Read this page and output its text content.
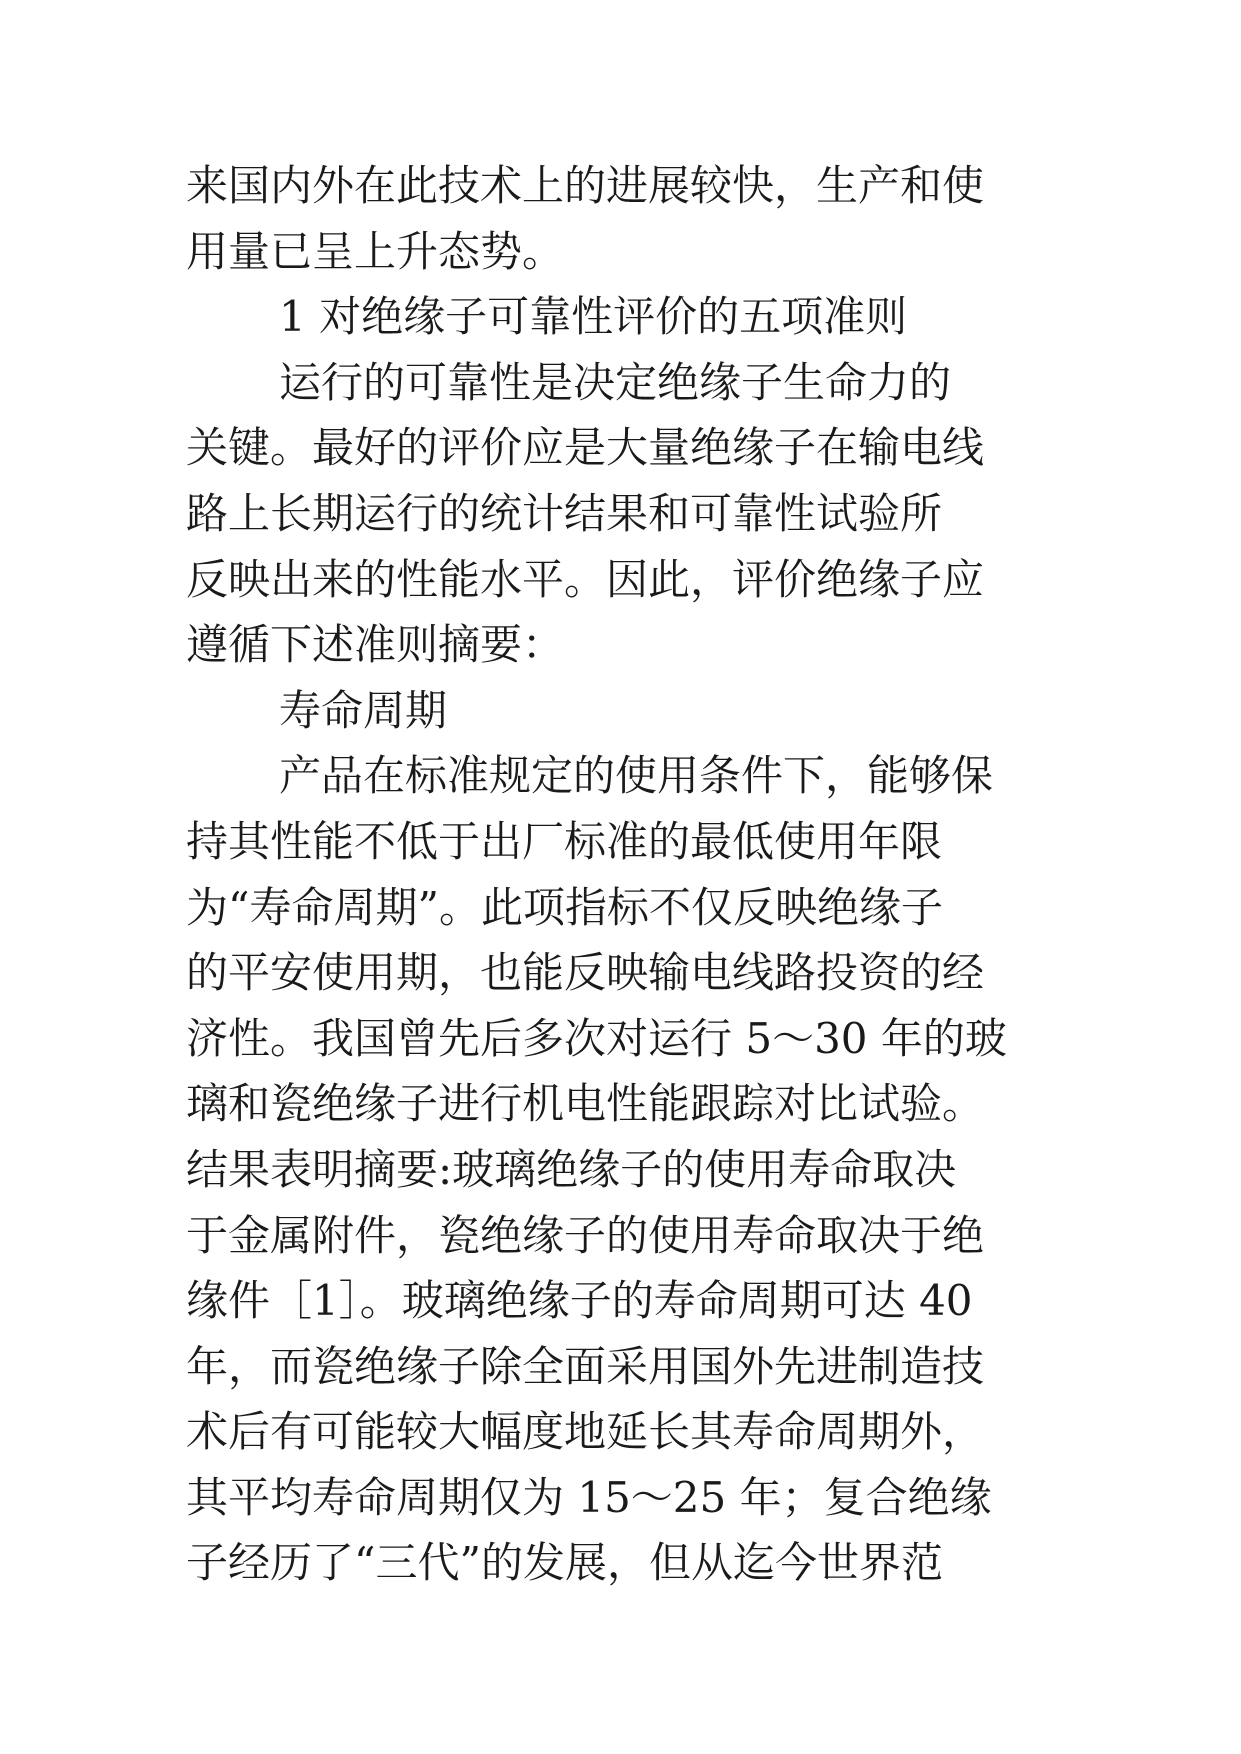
来国内外在此技术上的进展较快，生产和使
用量已呈上升态势。
1 对绝缘子可靠性评价的五项准则
运行的可靠性是决定绝缘子生命力的
关键。最好的评价应是大量绝缘子在输电线
路上长期运行的统计结果和可靠性试验所
反映出来的性能水平。因此，评价绝缘子应
遵循下述准则摘要：
寿命周期
产品在标准规定的使用条件下，能够保
持其性能不低于出厂标准的最低使用年限
为“寿命周期”。此项指标不仅反映绝缘子
的平安使用期，也能反映输电线路投资的经
济性。我国曾先后多次对运行 5～30 年的玻
璃和瓷绝缘子进行机电性能跟踪对比试验。
结果表明摘要:玻璃绝缘子的使用寿命取决
于金属附件，瓷绝缘子的使用寿命取决于绝
缘件［1］。玻璃绝缘子的寿命周期可达 40
年，而瓷绝缘子除全面采用国外先进制造技
术后有可能较大幅度地延长其寿命周期外，
其平均寿命周期仅为 15～25 年；复合绝缘
子经历了“三代”的发展，但从迄今世界范
